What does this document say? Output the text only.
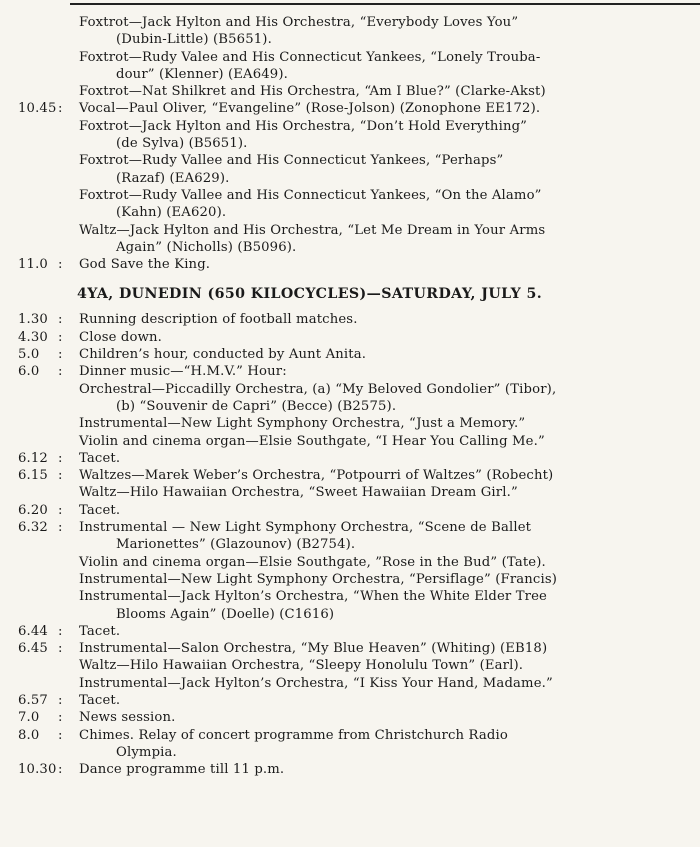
Foxtrot—Jack Hylton and His Orchestra, “Everybody Loves You”
(Dubin-Little) (B5651).
Foxtrot—Rudy Valee and His Connecticut Yankees, “Lonely Trouba-
dour” (Klenner) (EA649).
Foxtrot—Nat Shilkret and His Orchestra, “Am I Blue?” (Clarke-Akst)
10.45 : Vocal—Paul Oliver, “Evangeline” (Rose-Jolson) (Zonophone EE172).
Foxtrot—Jack Hylton and His Orchestra, “Don’t Hold Everything”
(de Sylva) (B5651).
Foxtrot—Rudy Vallee and His Connecticut Yankees, “Perhaps”
(Razaf) (EA629).
Foxtrot—Rudy Vallee and His Connecticut Yankees, “On the Alamo”
(Kahn) (EA620).
Waltz—Jack Hylton and His Orchestra, “Let Me Dream in Your Arms
Again” (Nicholls) (B5096).
11.0 : God Save the King.
4YA, DUNEDIN (650 KILOCYCLES)—SATURDAY, JULY 5.
1.30 : Running description of football matches.
4.30 : Close down.
5.0	: Children’s hour, conducted by Aunt Anita.
6.0	: Dinner music—“H.M.V.” Hour:
Orchestral—Piccadilly Orchestra, (a) “My Beloved Gondolier” (Tibor),
(b) “Souvenir de Capri” (Becce) (B2575).
Instrumental—New Light Symphony Orchestra, “Just a Memory.”
Violin and cinema organ—Elsie Southgate, “I Hear You Calling Me.”
6.12 : Tacet.
6.15 : Waltzes—Marek Weber’s Orchestra, “Potpourri of Waltzes” (Robecht)
Waltz—Hilo Hawaiian Orchestra, “Sweet Hawaiian Dream Girl.”
6.20 : Tacet.
6.32 : Instrumental — New Light Symphony Orchestra, “Scene de Ballet
Marionettes” (Glazounov) (B2754).
Violin and cinema organ—Elsie Southgate, ”Rose in the Bud” (Tate).
Instrumental—New Light Symphony Orchestra, “Persiflage” (Francis)
Instrumental—Jack Hylton’s Orchestra, “When the White Elder Tree
Blooms Again” (Doelle) (C1616)
6.44 : Tacet.
6.45 : Instrumental—Salon Orchestra, “My Blue Heaven” (Whiting) (EB18)
Waltz—Hilo Hawaiian Orchestra, “Sleepy Honolulu Town” (Earl).
Instrumental—Jack Hylton’s Orchestra, “I Kiss Your Hand, Madame.”
6.57 : Tacet.
7.0	: News session.
8.0	: Chimes. Relay of concert programme from Christchurch Radio
Olympia.
10.30 : Dance programme till 11 p.m.
